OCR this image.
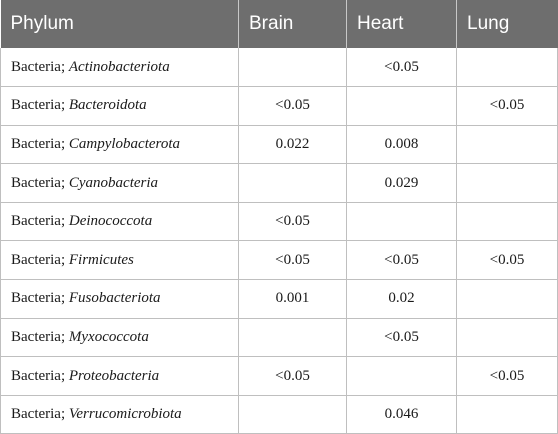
Phylum	Brain	Heart	Lung
Bacteria; Actinobacteriota		<0.05	
Bacteria; Bacteroidota	<0.05		<0.05
Bacteria; Campylobacterota	0.022	0.008	
Bacteria; Cyanobacteria		0.029	
Bacteria; Deinococcota	<0.05		
Bacteria; Firmicutes	<0.05	<0.05	<0.05
Bacteria; Fusobacteriota	0.001	0.02	
Bacteria; Myxococcota		<0.05	
Bacteria; Proteobacteria	<0.05		<0.05
Bacteria; Verrucomicrobiota		0.046	
